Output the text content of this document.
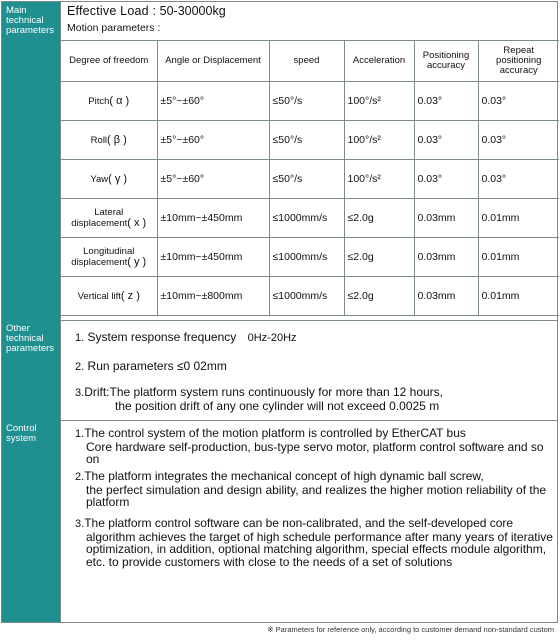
Main technical parameters
Effective Load : 50-30000kg
Motion parameters :
Degree of freedom	Angle or Displacement	speed	Acceleration	Positioning accuracy	Repeat positioning accuracy
Pitch( α )	±5°~±60°	≤50°/s	100°/s²	0.03°	0.03°
Roll( β )	±5°~±60°	≤50°/s	100°/s²	0.03°	0.03°
Yaw( γ )	±5°~±60°	≤50°/s	100°/s²	0.03°	0.03°
Lateral displacement( x )	±10mm~±450mm	≤1000mm/s	≤2.0g	0.03mm	0.01mm
Longitudinal displacement( y )	±10mm~±450mm	≤1000mm/s	≤2.0g	0.03mm	0.01mm
Vertical lift( z )	±10mm~±800mm	≤1000mm/s	≤2.0g	0.03mm	0.01mm
Other technical parameters
1. System response frequency 0Hz-20Hz
2. Run parameters ≤0 02mm
3.Drift:The platform system runs continuously for more than 12 hours,
the position drift of any one cylinder will not exceed 0.0025 m
Control system	1.The control system of the motion platform is controlled by EtherCAT bus
Core hardware self-production, bus-type servo motor, platform control software and so on
2.The platform integrates the mechanical concept of high dynamic ball screw,
the perfect simulation and design ability, and realizes the higher motion reliability of the platform
3.The platform control software can be non-calibrated, and the self-developed core
algorithm achieves the target of high schedule performance after many years of iterative optimization, in addition, optional matching algorithm, special effects module algorithm, etc. to provide customers with close to the needs of a set of solutions
※ Parameters for reference only, according to customer demand non-standard custom
